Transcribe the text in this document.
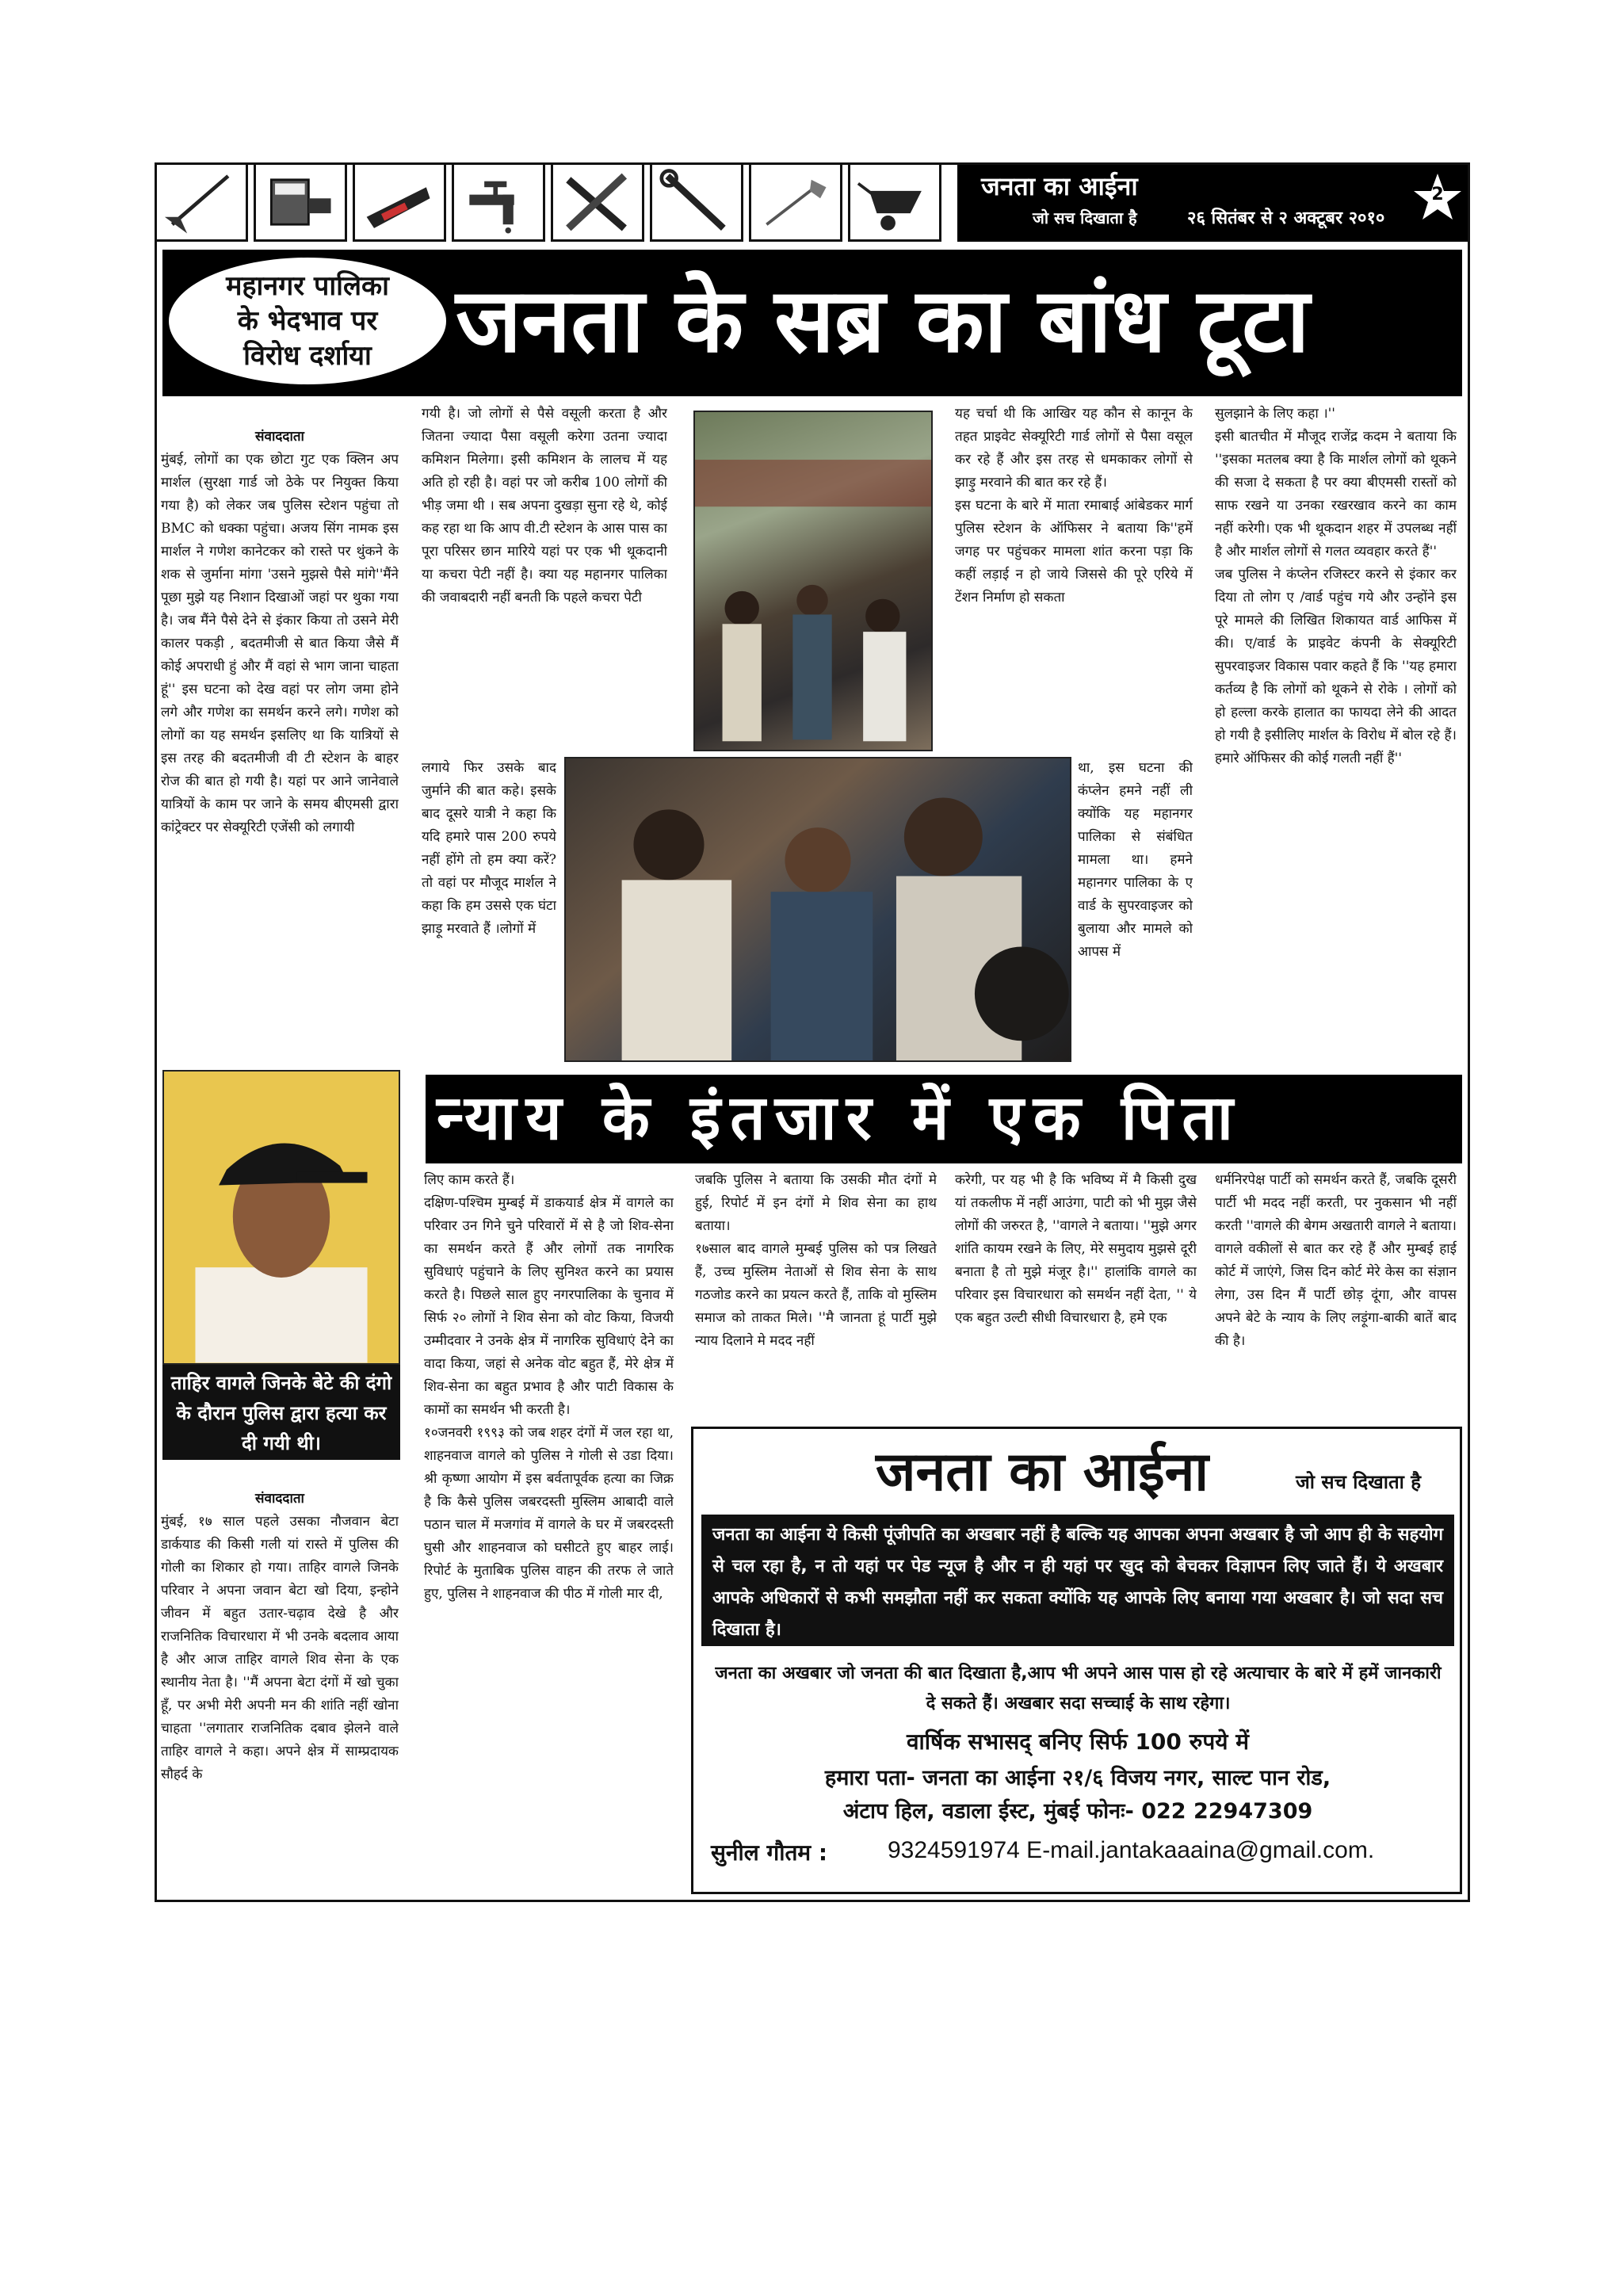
जनता का आईना
जो सच दिखाता है	२६ सितंबर से २ अक्टूबर २०१०
2
महानगर पालिका
के भेदभाव पर
विरोध दर्शाया जनता के सब्र का बांध टूटा

संवाददाता
मुंबई, लोगों का एक छोटा गुट एक क्लिन अप मार्शल (सुरक्षा गार्ड जो ठेके पर नियुक्त किया गया है) को लेकर जब पुलिस स्टेशन पहुंचा तो BMC को धक्का पहुंचा। अजय सिंग नामक इस मार्शल ने गणेश कानेटकर को रास्ते पर थुंकने के शक से जुर्माना मांगा 'उसने मुझसे पैसे मांगे''मैंने पूछा मुझे यह निशान दिखाओं जहां पर थुका गया है। जब मैंने पैसे देने से इंकार किया तो उसने मेरी कालर पकड़ी , बदतमीजी से बात किया जैसे मैं कोई अपराधी हुं और मैं वहां से भाग जाना चाहता हूं'' इस घटना को देख वहां पर लोग जमा होने लगे और गणेश का समर्थन करने लगे। गणेश को लोगों का यह समर्थन इसलिए था कि यात्रियों से इस तरह की बदतमीजी वी टी स्टेशन के बाहर रोज की बात हो गयी है। यहां पर आने जानेवाले यात्रियों के काम पर जाने के समय बीएमसी द्वारा कांट्रेक्टर पर सेक्यूरिटी एजेंसी को लगायी

गयी है। जो लोगों से पैसे वसूली करता है और जितना ज्यादा पैसा वसूली करेगा उतना ज्यादा कमिशन मिलेगा। इसी कमिशन के लालच में यह अति हो रही है। वहां पर जो करीब 100 लोगों की भीड़ जमा थी । सब अपना दुखड़ा सुना रहे थे, कोई कह रहा था कि आप वी.टी स्टेशन के आस पास का पूरा परिसर छान मारिये यहां पर एक भी थूकदानी या कचरा पेटी नहीं है। क्या यह महानगर पालिका की जवाबदारी नहीं बनती कि पहले कचरा पेटी
लगाये फिर उसके बाद जुर्माने की बात कहे। इसके बाद दूसरे यात्री ने कहा कि यदि हमारे पास 200 रुपये नहीं होंगे तो हम क्या करें? तो वहां पर मौजूद मार्शल ने कहा कि हम उससे एक घंटा झाड़ू मरवाते हैं ।लोगों में
यह चर्चा थी कि आखिर यह कौन से कानून के तहत प्राइवेट सेक्यूरिटी गार्ड लोगों से पैसा वसूल कर रहे हैं और इस तरह से धमकाकर लोगों से झाड़ु मरवाने की बात कर रहे हैं।
इस घटना के बारे में माता रमाबाई आंबेडकर मार्ग पुलिस स्टेशन के ऑफिसर ने बताया कि''हमें जगह पर पहुंचकर मामला शांत करना पड़ा कि कहीं लड़ाई न हो जाये जिससे की पूरे एरिये में टेंशन निर्माण हो सकता
था, इस घटना की कंप्लेन हमने नहीं ली क्योंकि यह महानगर पालिका से संबंधित मामला था। हमने महानगर पालिका के ए वार्ड के सुपरवाइजर को बुलाया और मामले को आपस में
सुलझाने के लिए कहा ।''
इसी बातचीत में मौजूद राजेंद्र कदम ने बताया कि ''इसका मतलब क्या है कि मार्शल लोगों को थूकने की सजा दे सकता है पर क्या बीएमसी रास्तों को साफ रखने या उनका रखरखाव करने का काम नहीं करेगी। एक भी थूकदान शहर में उपलब्ध नहीं है और मार्शल लोगों से गलत व्यवहार करते हैं''
जब पुलिस ने कंप्लेन रजिस्टर करने से इंकार कर दिया तो लोग ए /वार्ड पहुंच गये और उन्होंने इस पूरे मामले की लिखित शिकायत वार्ड आफिस में की। ए/वार्ड के प्राइवेट कंपनी के सेक्यूरिटी सुपरवाइजर विकास पवार कहते हैं कि ''यह हमारा कर्तव्य है कि लोगों को थूकने से रोके । लोगों को हो हल्ला करके हालात का फायदा लेने की आदत हो गयी है इसीलिए मार्शल के विरोध में बोल रहे हैं। हमारे ऑफिसर की कोई गलती नहीं हैं''
ताहिर वागले जिनके बेटे की दंगो के दौरान पुलिस द्वारा हत्या कर दी गयी थी।
न्याय के इंतजार में एक पिता

संवाददाता
मुंबई, १७ साल पहले उसका नौजवान बेटा डार्कयाड की किसी गली यां रास्ते में पुलिस की गोली का शिकार हो गया। ताहिर वागले जिनके परिवार ने अपना जवान बेटा खो दिया, इन्होने जीवन में बहुत उतार-चढ़ाव देखे है और राजनितिक विचारधारा में भी उनके बदलाव आया है और आज ताहिर वागले शिव सेना के एक स्थानीय नेता है। ''मैं अपना बेटा दंगों में खो चुका हूँ, पर अभी मेरी अपनी मन की शांति नहीं खोना चाहता ''लगातार राजनितिक दबाव झेलने वाले ताहिर वागले ने कहा। अपने क्षेत्र में साम्प्रदायक सौहर्द के

लिए काम करते हैं।
दक्षिण-पश्चिम मुम्बई में डाकयार्ड क्षेत्र में वागले का परिवार उन गिने चुने परिवारों में से है जो शिव-सेना का समर्थन करते हैं और लोगों तक नागरिक सुविधाएं पहुंचाने के लिए सुनिश्त करने का प्रयास करते है। पिछले साल हुए नगरपालिका के चुनाव में सिर्फ २० लोगों ने शिव सेना को वोट किया, विजयी उम्मीदवार ने उनके क्षेत्र में नागरिक सुविधाएं देने का वादा किया, जहां से अनेक वोट बहुत हैं, मेरे क्षेत्र में शिव-सेना का बहुत प्रभाव है और पाटी विकास के कामों का समर्थन भी करती है।
१०जनवरी १९९३ को जब शहर दंगों में जल रहा था, शाहनवाज वागले को पुलिस ने गोली से उडा दिया। श्री कृष्णा आयोग में इस बर्वतापूर्वक हत्या का जिक्र है कि कैसे पुलिस जबरदस्ती मुस्लिम आबादी वाले पठान चाल में मजगांव में वागले के घर में जबरदस्ती घुसी और शाहनवाज को घसीटते हुए बाहर लाई। रिपोर्ट के मुताबिक पुलिस वाहन की तरफ ले जाते हुए, पुलिस ने शाहनवाज की पीठ में गोली मार दी,
जबकि पुलिस ने बताया कि उसकी मौत दंगों मे हुई, रिपोर्ट में इन दंगों मे शिव सेना का हाथ बताया।
१७साल बाद वागले मुम्बई पुलिस को पत्र लिखते हैं, उच्च मुस्लिम नेताओं से शिव सेना के साथ गठजोड करने का प्रयत्न करते हैं, ताकि वो मुस्लिम समाज को ताकत मिले। ''मै जानता हूं पार्टी मुझे न्याय दिलाने मे मदद नहीं
करेगी, पर यह भी है कि भविष्य में मै किसी दुख यां तकलीफ में नहीं आउंगा, पाटी को भी मुझ जैसे लोगों की जरुरत है, ''वागले ने बताया। ''मुझे अगर शांति कायम रखने के लिए, मेरे समुदाय मुझसे दूरी बनाता है तो मुझे मंजूर है।'' हालांकि वागले का परिवार इस विचारधारा को समर्थन नहीं देता, '' ये एक बहुत उल्टी सीधी विचारधारा है, हमे एक
धर्मनिरपेक्ष पार्टी को समर्थन करते हैं, जबकि दूसरी पार्टी भी मदद नहीं करती, पर नुकसान भी नहीं करती ''वागले की बेगम अखतारी वागले ने बताया। वागले वकीलों से बात कर रहे हैं और मुम्बई हाई कोर्ट में जाएंगे, जिस दिन कोर्ट मेरे केस का संज्ञान लेगा, उस दिन मैं पार्टी छोड़ दूंगा, और वापस अपने बेटे के न्याय के लिए लड़ूंगा-बाकी बातें बाद की है।
जनता का आईना	जो सच दिखाता है
जनता का आईना ये किसी पूंजीपति का अखबार नहीं है बल्कि यह आपका अपना अखबार है जो आप ही के सहयोग से चल रहा है, न तो यहां पर पेड न्यूज है और न ही यहां पर खुद को बेचकर विज्ञापन लिए जाते हैं। ये अखबार आपके अधिकारों से कभी समझौता नहीं कर सकता क्योंकि यह आपके लिए बनाया गया अखबार है। जो सदा सच दिखाता है।
जनता का अखबार जो जनता की बात दिखाता है,आप भी अपने आस पास हो रहे अत्याचार के बारे में हमें जानकारी दे सकते हैं। अखबार सदा सच्चाई के साथ रहेगा।
वार्षिक सभासद् बनिए सिर्फ 100 रुपये में
हमारा पता- जनता का आईना २१/६ विजय नगर, साल्ट पान रोड,
अंटाप हिल, वडाला ईस्ट, मुंबई फोनः- 022 22947309
सुनील गौतम :	9324591974 E-mail.jantakaaaina@gmail.com.
